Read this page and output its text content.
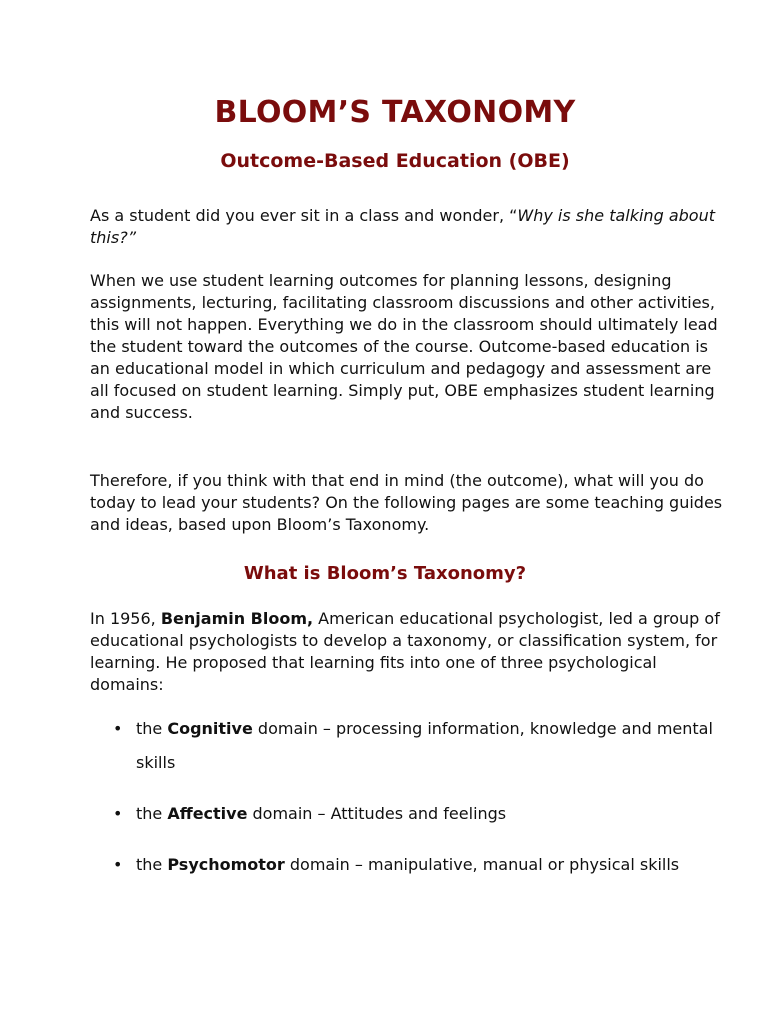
BLOOM’S TAXONOMY
Outcome-Based Education (OBE)

As a student did you ever sit in a class and wonder, “Why is she talking about this?”

When we use student learning outcomes for planning lessons, designing assignments, lecturing, facilitating classroom discussions and other activities, this will not happen. Everything we do in the classroom should ultimately lead the student toward the outcomes of the course. Outcome-based education is an educational model in which curriculum and pedagogy and assessment are all focused on student learning. Simply put, OBE emphasizes student learning and success.

Therefore, if you think with that end in mind (the outcome), what will you do today to lead your students? On the following pages are some teaching guides and ideas, based upon Bloom’s Taxonomy.

What is Bloom’s Taxonomy?

In 1956, Benjamin Bloom, American educational psychologist, led a group of educational psychologists to develop a taxonomy, or classification system, for learning. He proposed that learning fits into one of three psychological domains:

• the Cognitive domain – processing information, knowledge and mental skills
• the Affective domain – Attitudes and feelings
• the Psychomotor domain – manipulative, manual or physical skills
